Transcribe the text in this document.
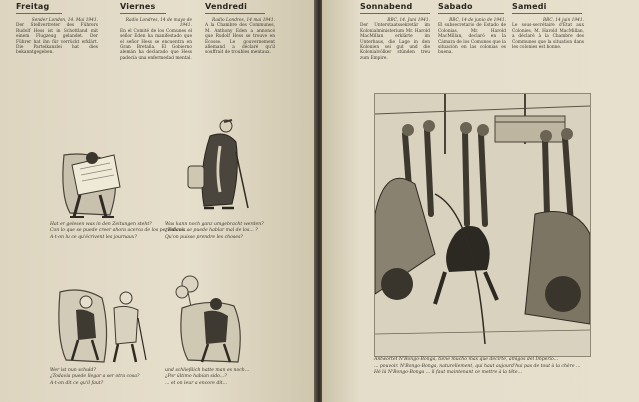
Freitag	Viernes	Vendredi

Sender London, 14. Mai 1941.

Der Stellvertreter des Führers Rudolf Hess ist in Schottland mit einem Flugzeug gelandet. Der Führer hat ihn für verrückt erklärt. Die Parteikanzlei hat dies bekanntgegeben.

Radio Londres, 14 de mayo de 1941.

En el Comité de los Comunes el señor Eden ha manifestado que el señor Hess se encuentra en Gran Bretaña. El Gobierno alemán ha declarado que Hess padecía una enfermedad mental.

Radio Londres, 14 mai 1941.

A la Chambre des Communes, M. Anthony Eden a annoncé que Rudolf Hess se trouve en Écosse. Le gouvernement allemand a déclaré qu'il souffrait de troubles mentaux.

Hat er gelesen was in den Zeitungen steht?
Con lo que se puede creer ahora acerca de los periódicos...
A-t-on lu ce qu'écrivent les journaux?
Was kann noch ganz umgebracht werden?
¿Todavía se puede hablar mal de los... ?
Qu'on puisse prendre les choses?
Wer ist nun schuld?
¿Todavía puede llegar a ser otra cosa?
A-t-on dit ce qu'il faut?
und schließlich hatte man es noch...
¿Por último habían sido...?
... et on leur a encore dit...
Sonnabend	Sabado	Samedi

BBC, 14. Juni 1941.

Der Unterstaatssekretär im Kolonialministerium Mr. Harold MacMillan erklärte im Unterhaus, die Lage in den Kolonien sei gut und die Kolonialvölker stünden treu zum Empire.

BBC, 14 de junio de 1941.

El subsecretario de Estado de Colonias, Mr. Harold MacMillan, declaró en la Cámara de los Comunes que la situación en las colonias es buena.

BBC, 14 juin 1941.

Le sous-secrétaire d'État aux Colonies, M. Harold MacMillan, a déclaré à la Chambre des Communes que la situation dans les colonies est bonne.

Antwortet N'Bongo-Bonga, tiene mucho mas que decirte, amigos del Imperio...
... pouvoir. N'Bongo-Bonga, naturellement, qui haut aujourd'hui pas de tout à la chère ...
Hé là N'Bongo-Bonga ... il faut maintenant ce mettre à la tête...
